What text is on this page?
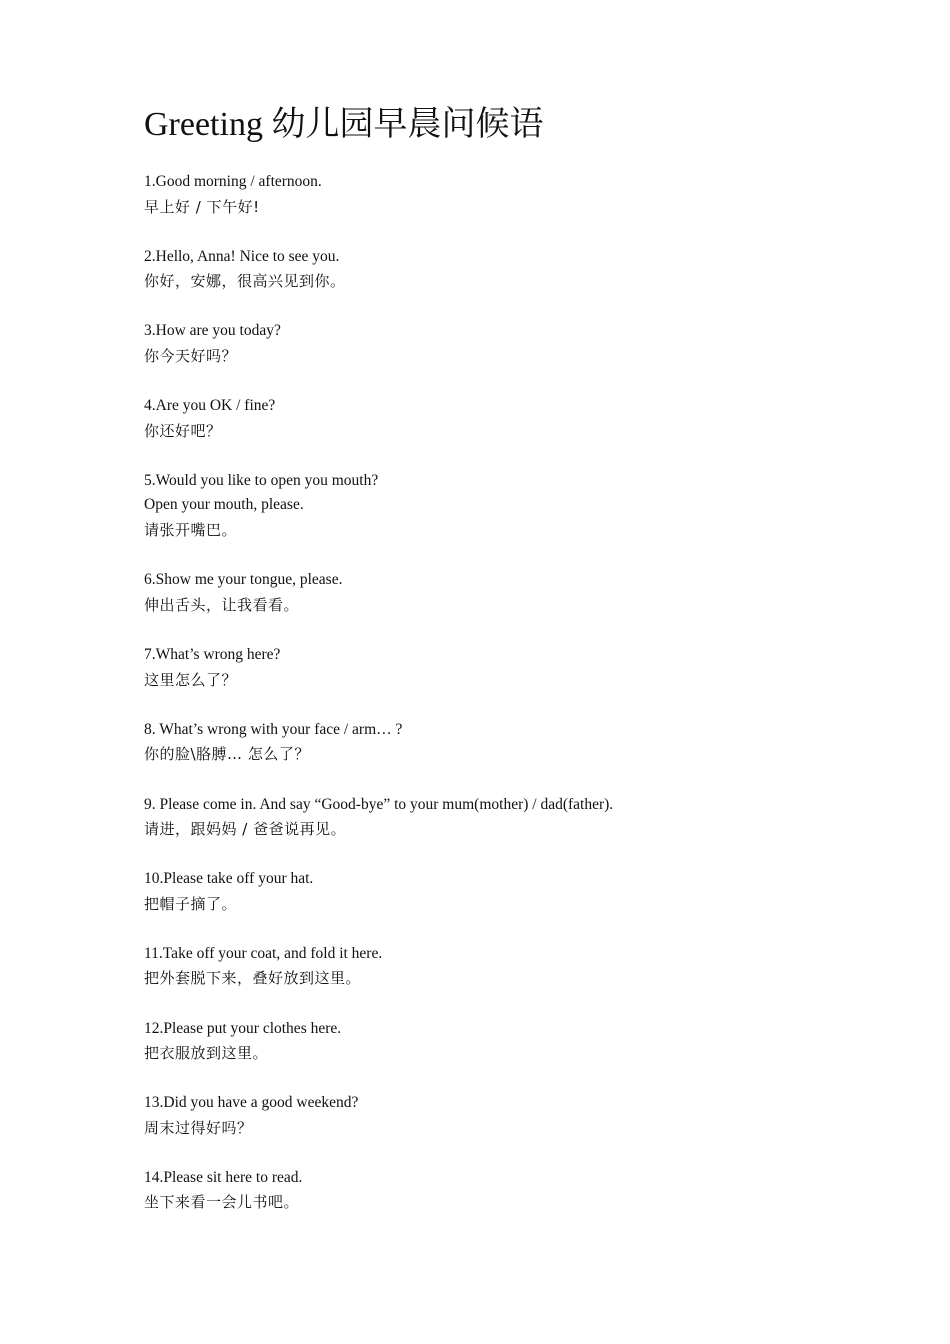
Greeting 幼儿园早晨问候语
1.Good morning / afternoon.
早上好 / 下午好!
2.Hello, Anna! Nice to see you.
你好，安娜，很高兴见到你。
3.How are you today?
你今天好吗？
4.Are you OK / fine?
你还好吧？
5.Would you like to open you mouth?
Open your mouth, please.
请张开嘴巴。
6.Show me your tongue, please.
伸出舌头，让我看看。
7.What’s wrong here?
这里怎么了？
8. What’s wrong with your face / arm… ?
你的脸\胳膊… 怎么了？
9. Please come in. And say “Good-bye” to your mum(mother) / dad(father).
请进，跟妈妈 / 爸爸说再见。
10.Please take off your hat.
把帽子摘了。
11.Take off your coat, and fold it here.
把外套脱下来，叠好放到这里。
12.Please put your clothes here.
把衣服放到这里。
13.Did you have a good weekend?
周末过得好吗？
14.Please sit here to read.
坐下来看一会儿书吧。
